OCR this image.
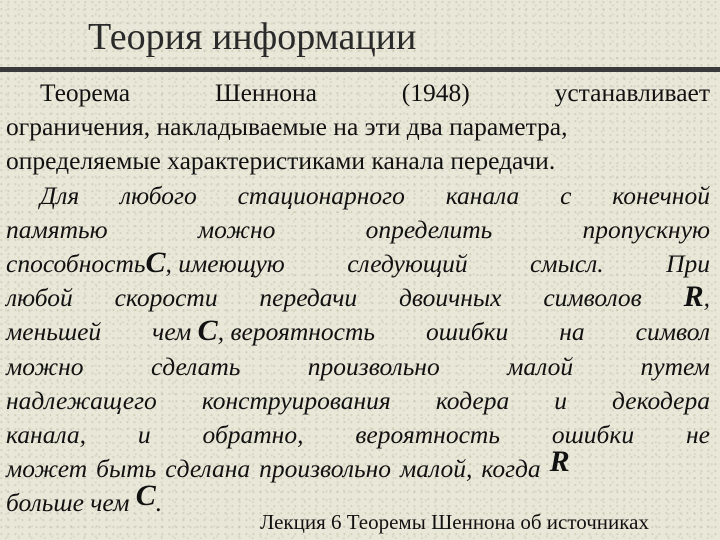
Теория информации
Теорема	Шеннона	(1948)	устанавливает
ограничения, накладываемые на эти два параметра,
определяемые характеристиками канала передачи.
Для любого стационарного канала с конечной
памятью	можно	определить	пропускную
способностьC, имеющую следующий смысл. При
любой скорости передачи двоичных символов R,
меньшей чем C, вероятность ошибки на символ
можно	сделать	произвольно	малой	путем
надлежащего конструирования кодера и декодера
канала, и обратно, вероятность ошибки не
может быть сделана произвольно малой, когда R
больше чем
C .
Лекция 6 Теоремы Шеннона об источниках
